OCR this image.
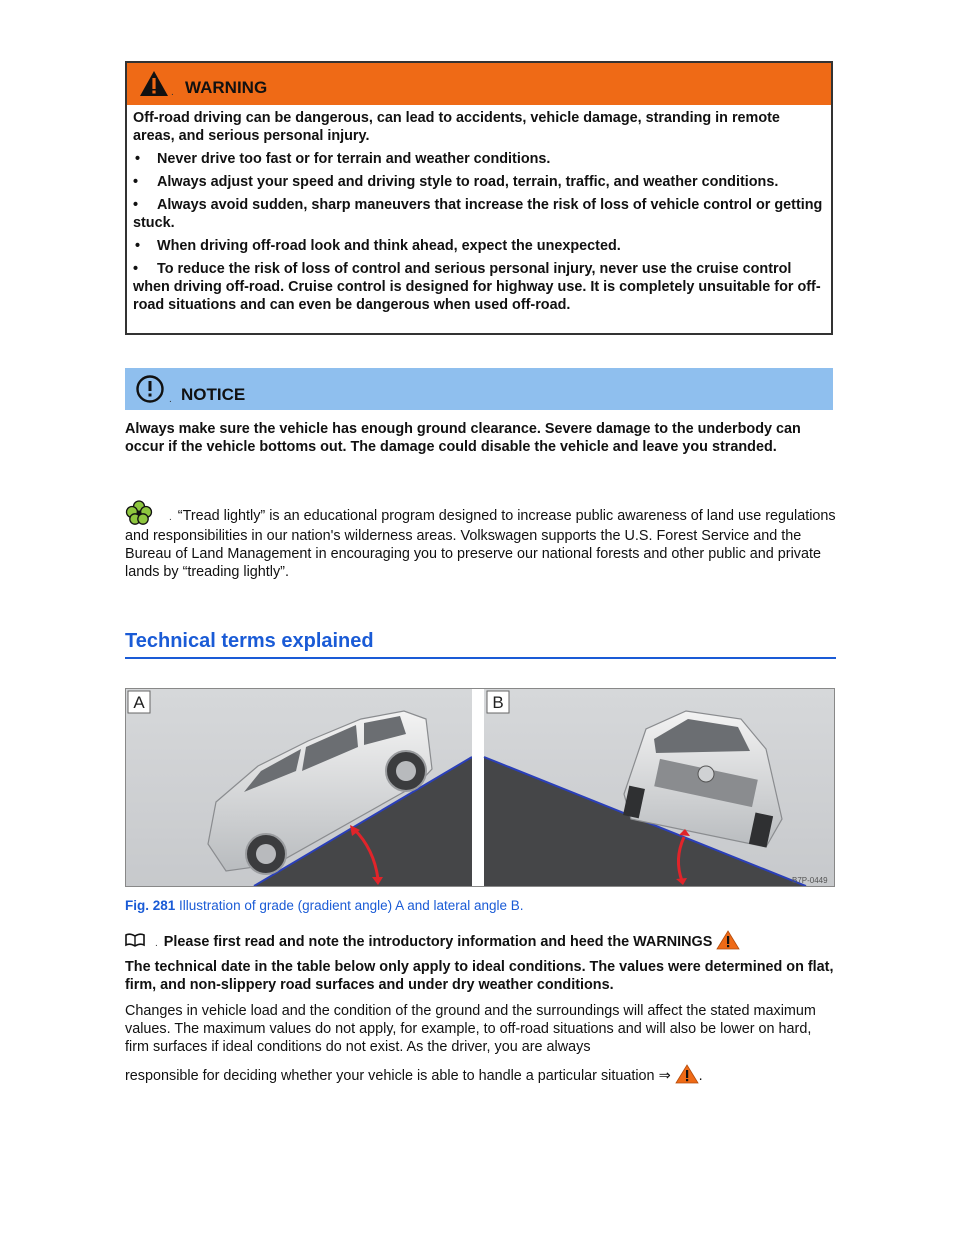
. WARNING

Off-road driving can be dangerous, can lead to accidents, vehicle damage, stranding in remote areas, and serious personal injury.

• Never drive too fast or for terrain and weather conditions.

• Always adjust your speed and driving style to road, terrain, traffic, and weather conditions.

• Always avoid sudden, sharp maneuvers that increase the risk of loss of vehicle control or getting stuck.

• When driving off-road look and think ahead, expect the unexpected.

• To reduce the risk of loss of control and serious personal injury, never use the cruise control when driving off-road. Cruise control is designed for highway use. It is completely unsuitable for off-road situations and can even be dangerous when used off-road.

. NOTICE
Always make sure the vehicle has enough ground clearance. Severe damage to the underbody can occur if the vehicle bottoms out. The damage could disable the vehicle and leave you stranded.
. “Tread lightly” is an educational program designed to increase public awareness of land use regulations and responsibilities in our nation's wilderness areas. Volkswagen supports the U.S. Forest Service and the Bureau of Land Management in encouraging you to preserve our national forests and other public and private lands by “treading lightly”.
Technical terms explained
A	B
B7P-0449
Fig. 281 Illustration of grade (gradient angle) A and lateral angle B.
. Please first read and note the introductory information and heed the WARNINGS
The technical date in the table below only apply to ideal conditions. The values were determined on flat, firm, and non-slippery road surfaces and under dry weather conditions.
Changes in vehicle load and the condition of the ground and the surroundings will affect the stated maximum values. The maximum values do not apply, for example, to off-road situations and will also be lower on hard, firm surfaces if ideal conditions do not exist. As the driver, you are always
responsible for deciding whether your vehicle is able to handle a particular situation ⇒ .
